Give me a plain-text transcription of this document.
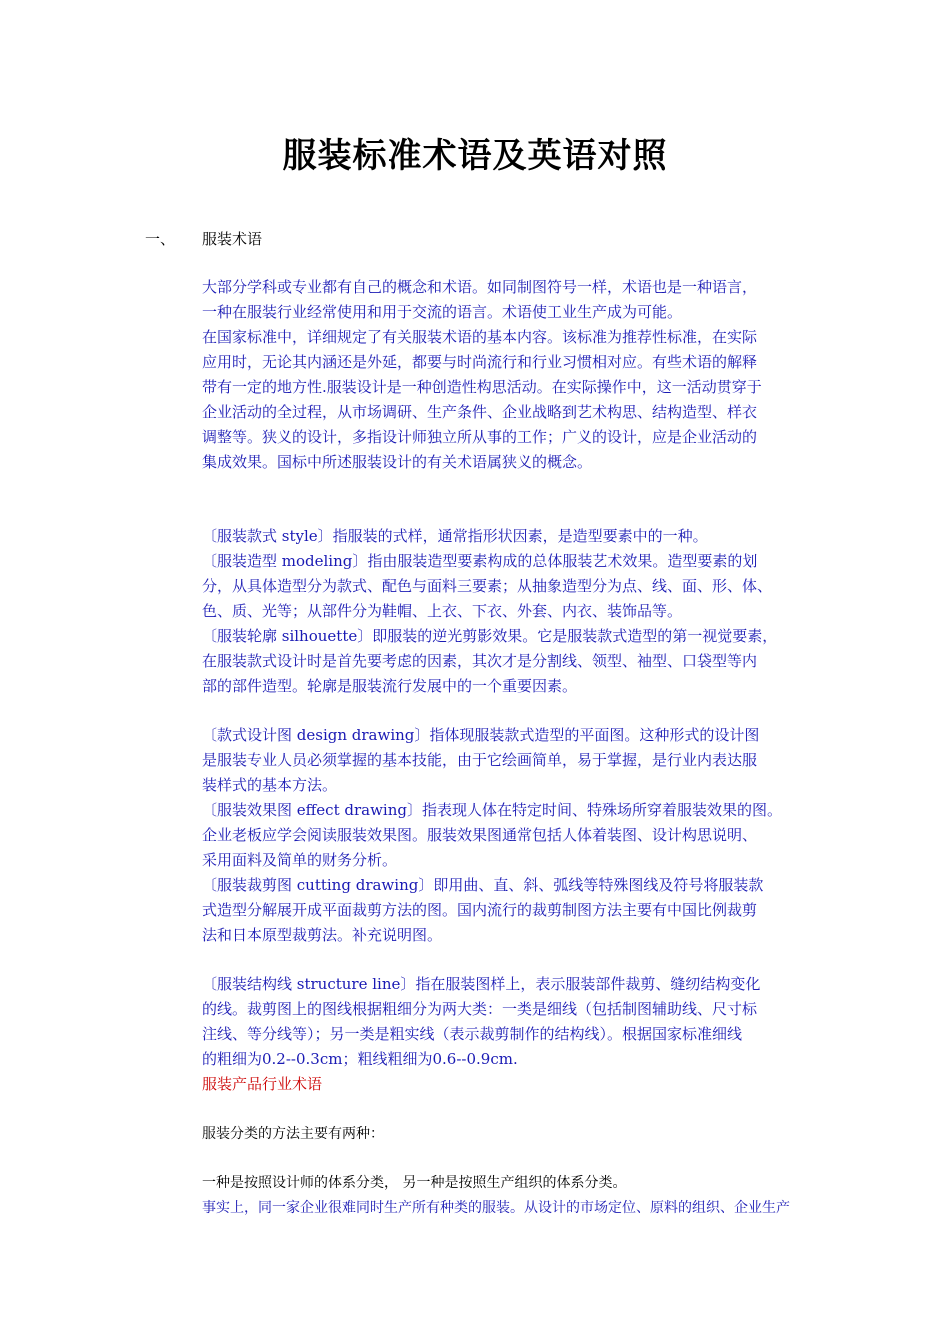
服装标准术语及英语对照
一、 服装术语

大部分学科或专业都有自己的概念和术语。如同制图符号一样，术语也是一种语言，

一种在服装行业经常使用和用于交流的语言。术语使工业生产成为可能。

在国家标准中，详细规定了有关服装术语的基本内容。该标准为推荐性标准，在实际

应用时，无论其内涵还是外延，都要与时尚流行和行业习惯相对应。有些术语的解释

带有一定的地方性.服装设计是一种创造性构思活动。在实际操作中，这一活动贯穿于

企业活动的全过程，从市场调研、生产条件、企业战略到艺术构思、结构造型、样衣

调整等。狭义的设计，多指设计师独立所从事的工作；广义的设计，应是企业活动的

集成效果。国标中所述服装设计的有关术语属狭义的概念。

〔服装款式 style〕指服装的式样，通常指形状因素，是造型要素中的一种。

〔服装造型 modeling〕指由服装造型要素构成的总体服装艺术效果。造型要素的划

分，从具体造型分为款式、配色与面料三要素；从抽象造型分为点、线、面、形、体、

色、质、光等；从部件分为鞋帽、上衣、下衣、外套、内衣、装饰品等。

〔服装轮廓 silhouette〕即服装的逆光剪影效果。它是服装款式造型的第一视觉要素，

在服装款式设计时是首先要考虑的因素，其次才是分割线、领型、袖型、口袋型等内

部的部件造型。轮廓是服装流行发展中的一个重要因素。

〔款式设计图 design drawing〕指体现服装款式造型的平面图。这种形式的设计图

是服装专业人员必须掌握的基本技能，由于它绘画简单，易于掌握，是行业内表达服

装样式的基本方法。

〔服装效果图 effect drawing〕指表现人体在特定时间、特殊场所穿着服装效果的图。

企业老板应学会阅读服装效果图。服装效果图通常包括人体着装图、设计构思说明、

采用面料及简单的财务分析。

〔服装裁剪图 cutting drawing〕即用曲、直、斜、弧线等特殊图线及符号将服装款

式造型分解展开成平面裁剪方法的图。国内流行的裁剪制图方法主要有中国比例裁剪

法和日本原型裁剪法。补充说明图。

〔服装结构线 structure line〕指在服装图样上，表示服装部件裁剪、缝纫结构变化

的线。裁剪图上的图线根据粗细分为两大类：一类是细线（包括制图辅助线、尺寸标

注线、等分线等）；另一类是粗实线（表示裁剪制作的结构线）。根据国家标准细线

的粗细为0.2--0.3cm；粗线粗细为0.6--0.9cm.

服装产品行业术语

服装分类的方法主要有两种：

一种是按照设计师的体系分类， 另一种是按照生产组织的体系分类。

事实上，同一家企业很难同时生产所有种类的服装。从设计的市场定位、原料的组织、企业生产
